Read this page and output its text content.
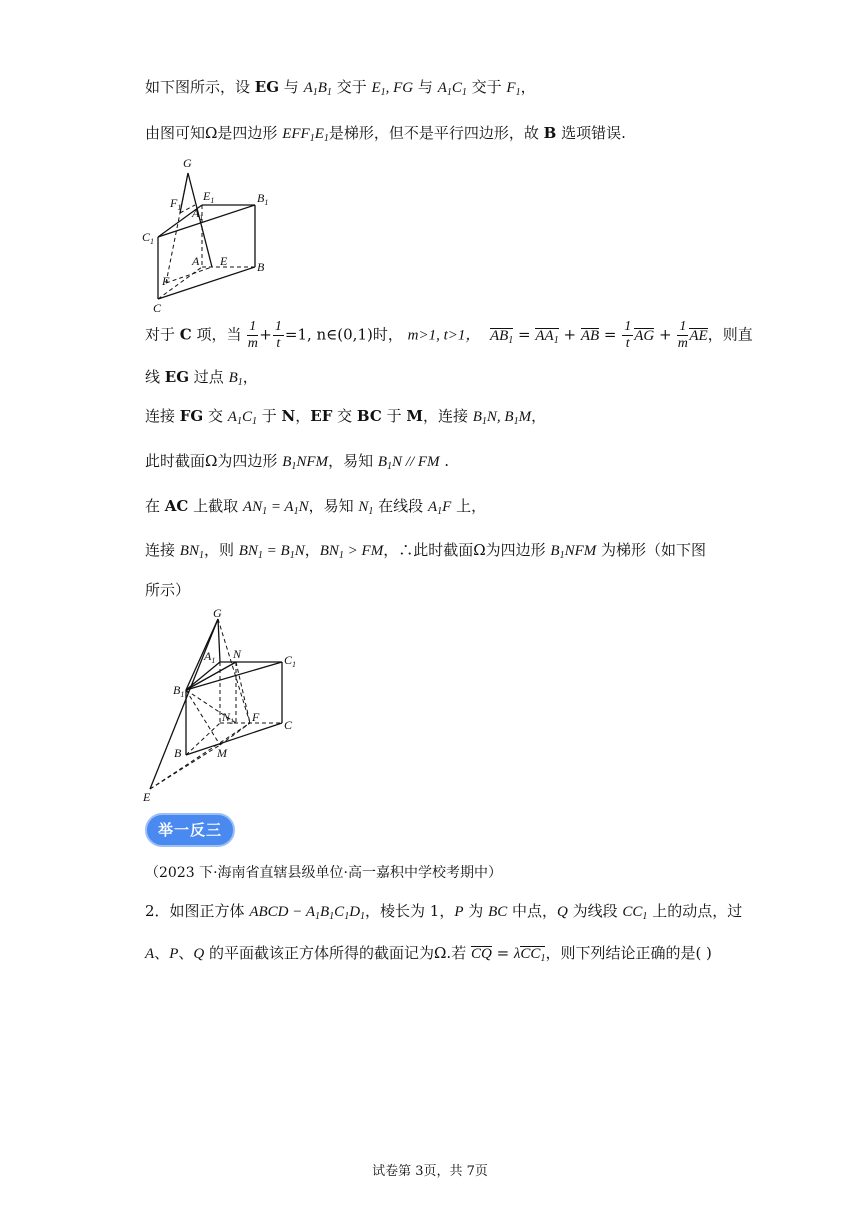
如下图所示，设 EG 与 $A_1B_1$ 交于 $E_1$, FG 与 $A_1C_1$ 交于 $F_1$，
由图可知Ω是四边形 $EFF_1E_1$是梯形，但不是平行四边形，故 B 选项错误.
G
$B_1$
$F_1$
$E_1$
$A_1$
$C_1$
A E B
F
C
对于 C 项，当 $\frac{1}{m} + \frac{1}{t} =1$, n∈(0,1)时， m>1, t>1， $AB_1 = AA_1$ + AB = $\frac{1}{t}$ AG + $\frac{1}{m}$ AE，则直
线 EG 过点 $B_1$，
连接 FG 交 $A_1C_1$ 于 N，EF 交 BC 于 M，连接 $B_1N$, $B_1M$，
此时截面Ω为四边形 $B_1NFM$，易知 $B_1N$ // FM .
在 AC 上截取 $AN_1 = A_1N$，易知 $N_1$ 在线段 $A_1F$ 上，
连接 $BN_1$，则 $BN_1 = B_1N$，$BN_1$ > FM，∴此时截面Ω为四边形 $B_1NFM$ 为梯形（如下图
所示）
G
$A_1$ N	$C_1$
$B_1$
$N_1$ F
C
B	M
E
举一反三
（2023 下·海南省直辖县级单位·高一嘉积中学校考期中）
2．如图正方体 ABCD − $A_1B_1C_1D_1$，棱长为 1，P 为 BC 中点，Q 为线段 $CC_1$ 上的动点，过
A、P、Q 的平面截该正方体所得的截面记为Ω.若 CQ = λCC$_1$，则下列结论正确的是( )
试卷第 3页，共 7页
